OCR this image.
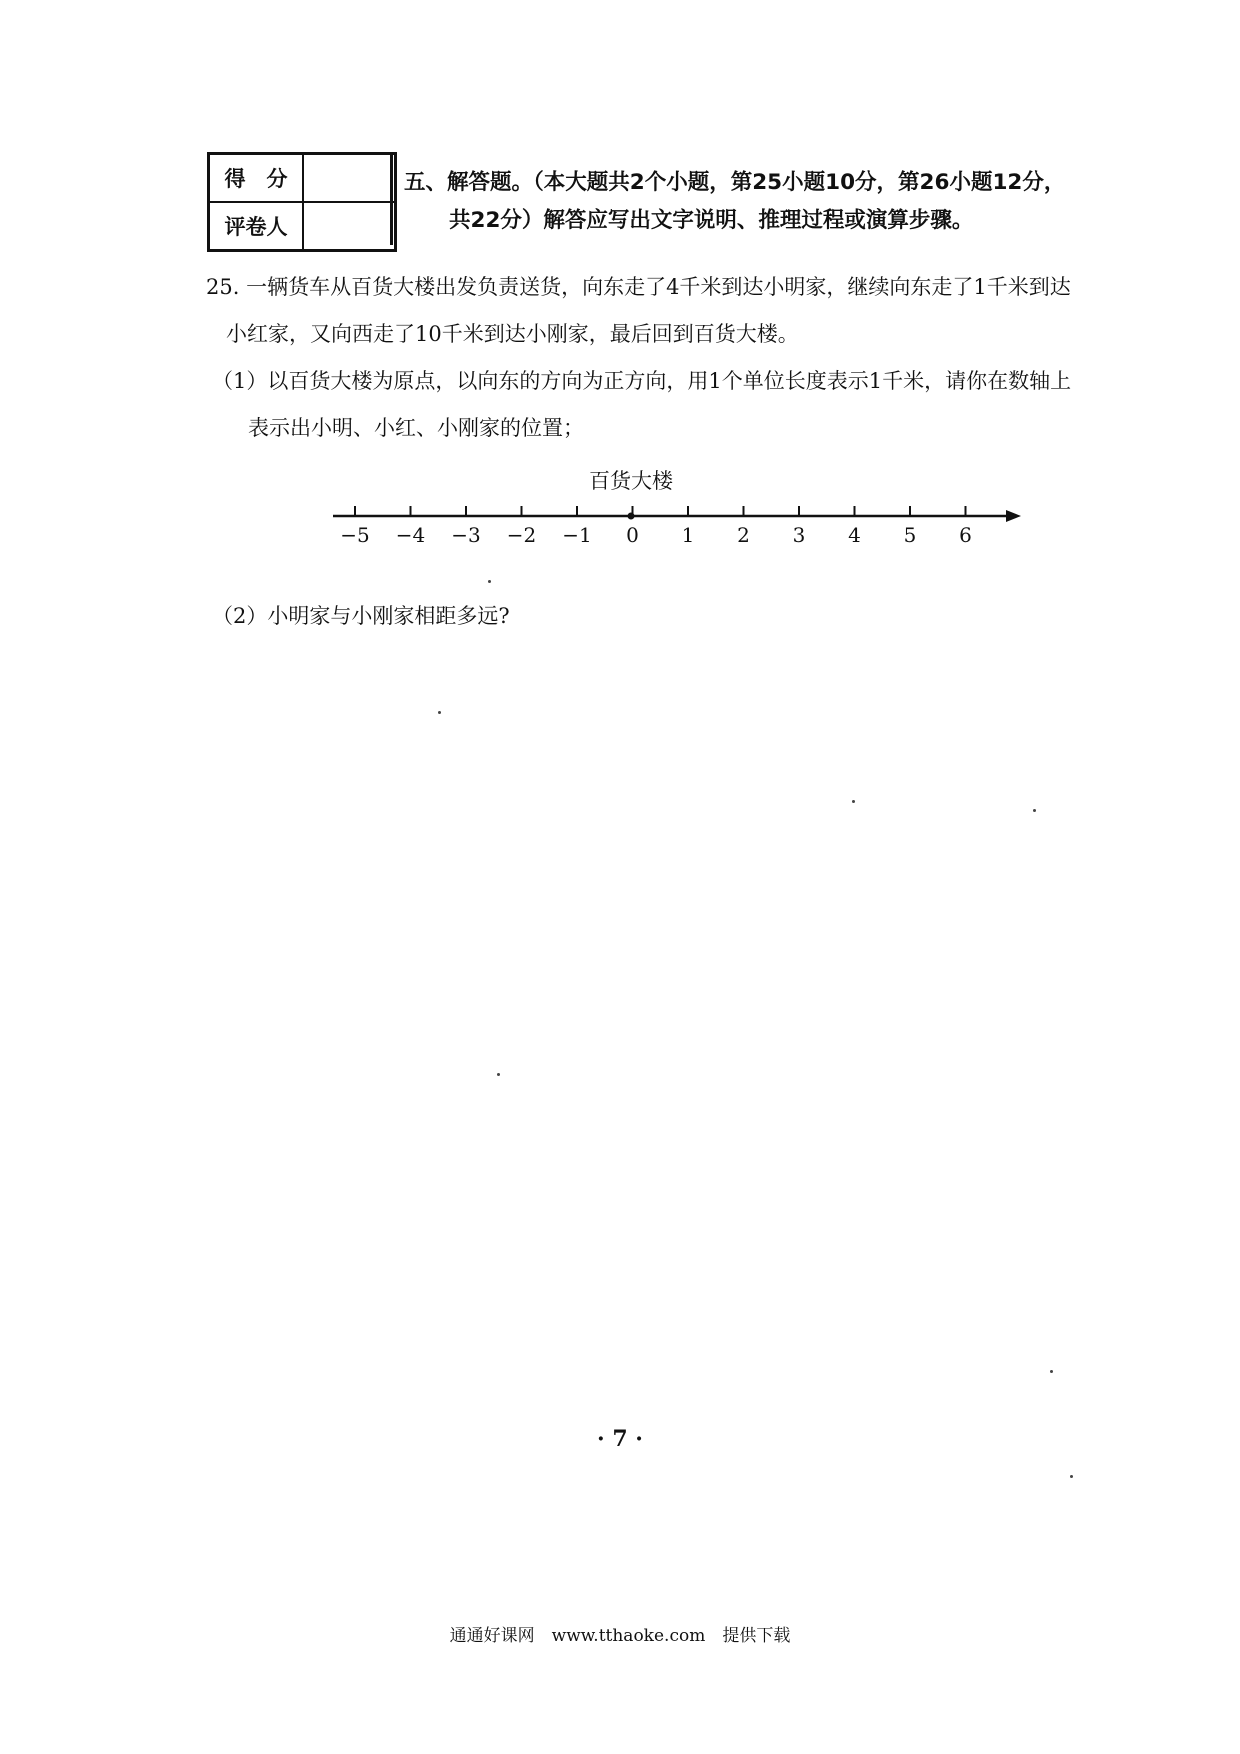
得　分	
评卷人	
五、解答题。（本大题共2个小题，第25小题10分，第26小题12分，
共22分）解答应写出文字说明、推理过程或演算步骤。
25. 一辆货车从百货大楼出发负责送货，向东走了4千米到达小明家，继续向东走了1千米到达
小红家，又向西走了10千米到达小刚家，最后回到百货大楼。
（1）以百货大楼为原点，以向东的方向为正方向，用1个单位长度表示1千米，请你在数轴上
表示出小明、小红、小刚家的位置；
百货大楼
−5 −4 −3 −2 −1 0 1 2 3 4 5 6
（2）小明家与小刚家相距多远?
· 7 ·
通通好课网　www.tthaoke.com　提供下载
